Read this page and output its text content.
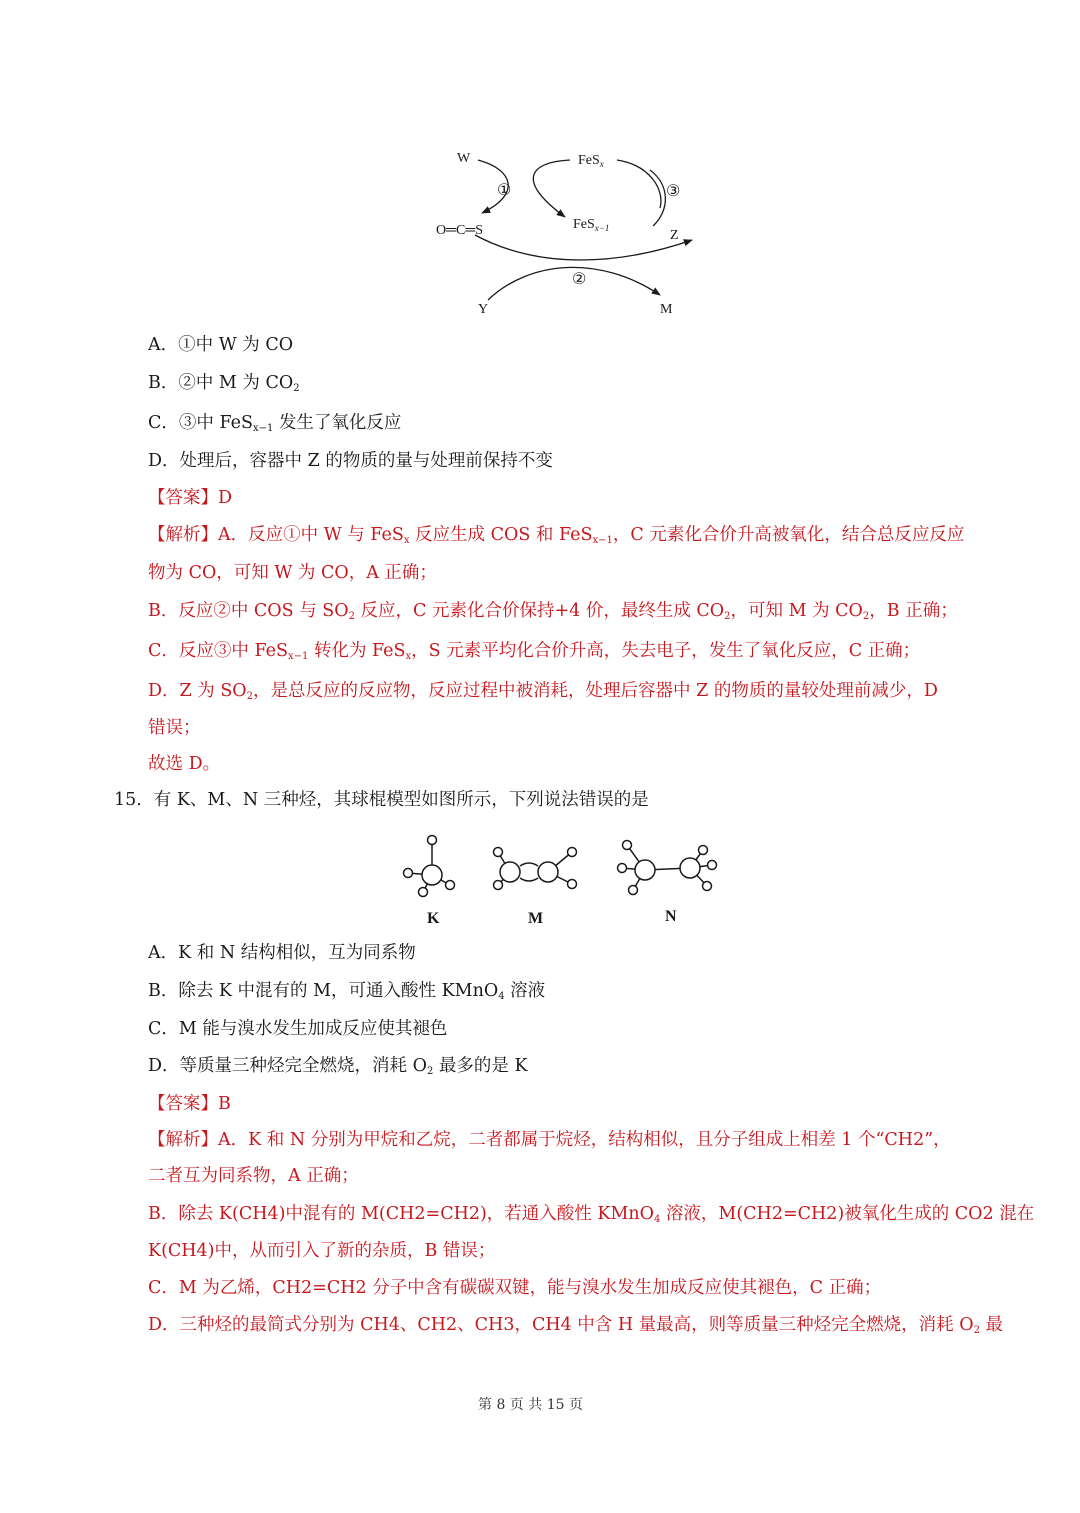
W	FeS$_x$
FeS$_{x-1}$
O═C═S	Z
Y	M
①
②
③
A．①中 W 为 CO
B．②中 M 为 $CO_2$
C．③中 FeS$_{x-1}$ 发生了氧化反应
D．处理后，容器中 Z 的物质的量与处理前保持不变
【答案】D
【解析】A．反应①中 W 与 FeS$_x$ 反应生成 COS 和 FeS$_{x-1}$，C 元素化合价升高被氧化，结合总反应反应
物为 CO，可知 W 为 CO，A 正确；
B．反应②中 COS 与 $SO_2$ 反应，C 元素化合价保持+4 价，最终生成 $CO_2$，可知 M 为 $CO_2$，B 正确；
C．反应③中 FeS$_{x-1}$ 转化为 FeS$_x$，S 元素平均化合价升高，失去电子，发生了氧化反应，C 正确；
D．Z 为 $SO_2$，是总反应的反应物，反应过程中被消耗，处理后容器中 Z 的物质的量较处理前减少，D
错误；
故选 D。
15．有 K、M、N 三种烃，其球棍模型如图所示，下列说法错误的是
K	M	N
A．K 和 N 结构相似，互为同系物
B．除去 K 中混有的 M，可通入酸性 KMnO$_4$ 溶液
C．M 能与溴水发生加成反应使其褪色
D．等质量三种烃完全燃烧，消耗 $O_2$ 最多的是 K
【答案】B
【解析】A．K 和 N 分别为甲烷和乙烷，二者都属于烷烃，结构相似，且分子组成上相差 1 个“CH2”，
二者互为同系物，A 正确；
B．除去 K(CH4)中混有的 M(CH2=CH2)，若通入酸性 KMnO$_4$ 溶液，M(CH2=CH2)被氧化生成的 CO2 混在
K(CH4)中，从而引入了新的杂质，B 错误；
C．M 为乙烯，CH2=CH2 分子中含有碳碳双键，能与溴水发生加成反应使其褪色，C 正确；
D．三种烃的最简式分别为 CH4、CH2、CH3，CH4 中含 H 量最高，则等质量三种烃完全燃烧，消耗 $O_2$ 最
第 8 页 共 15 页
